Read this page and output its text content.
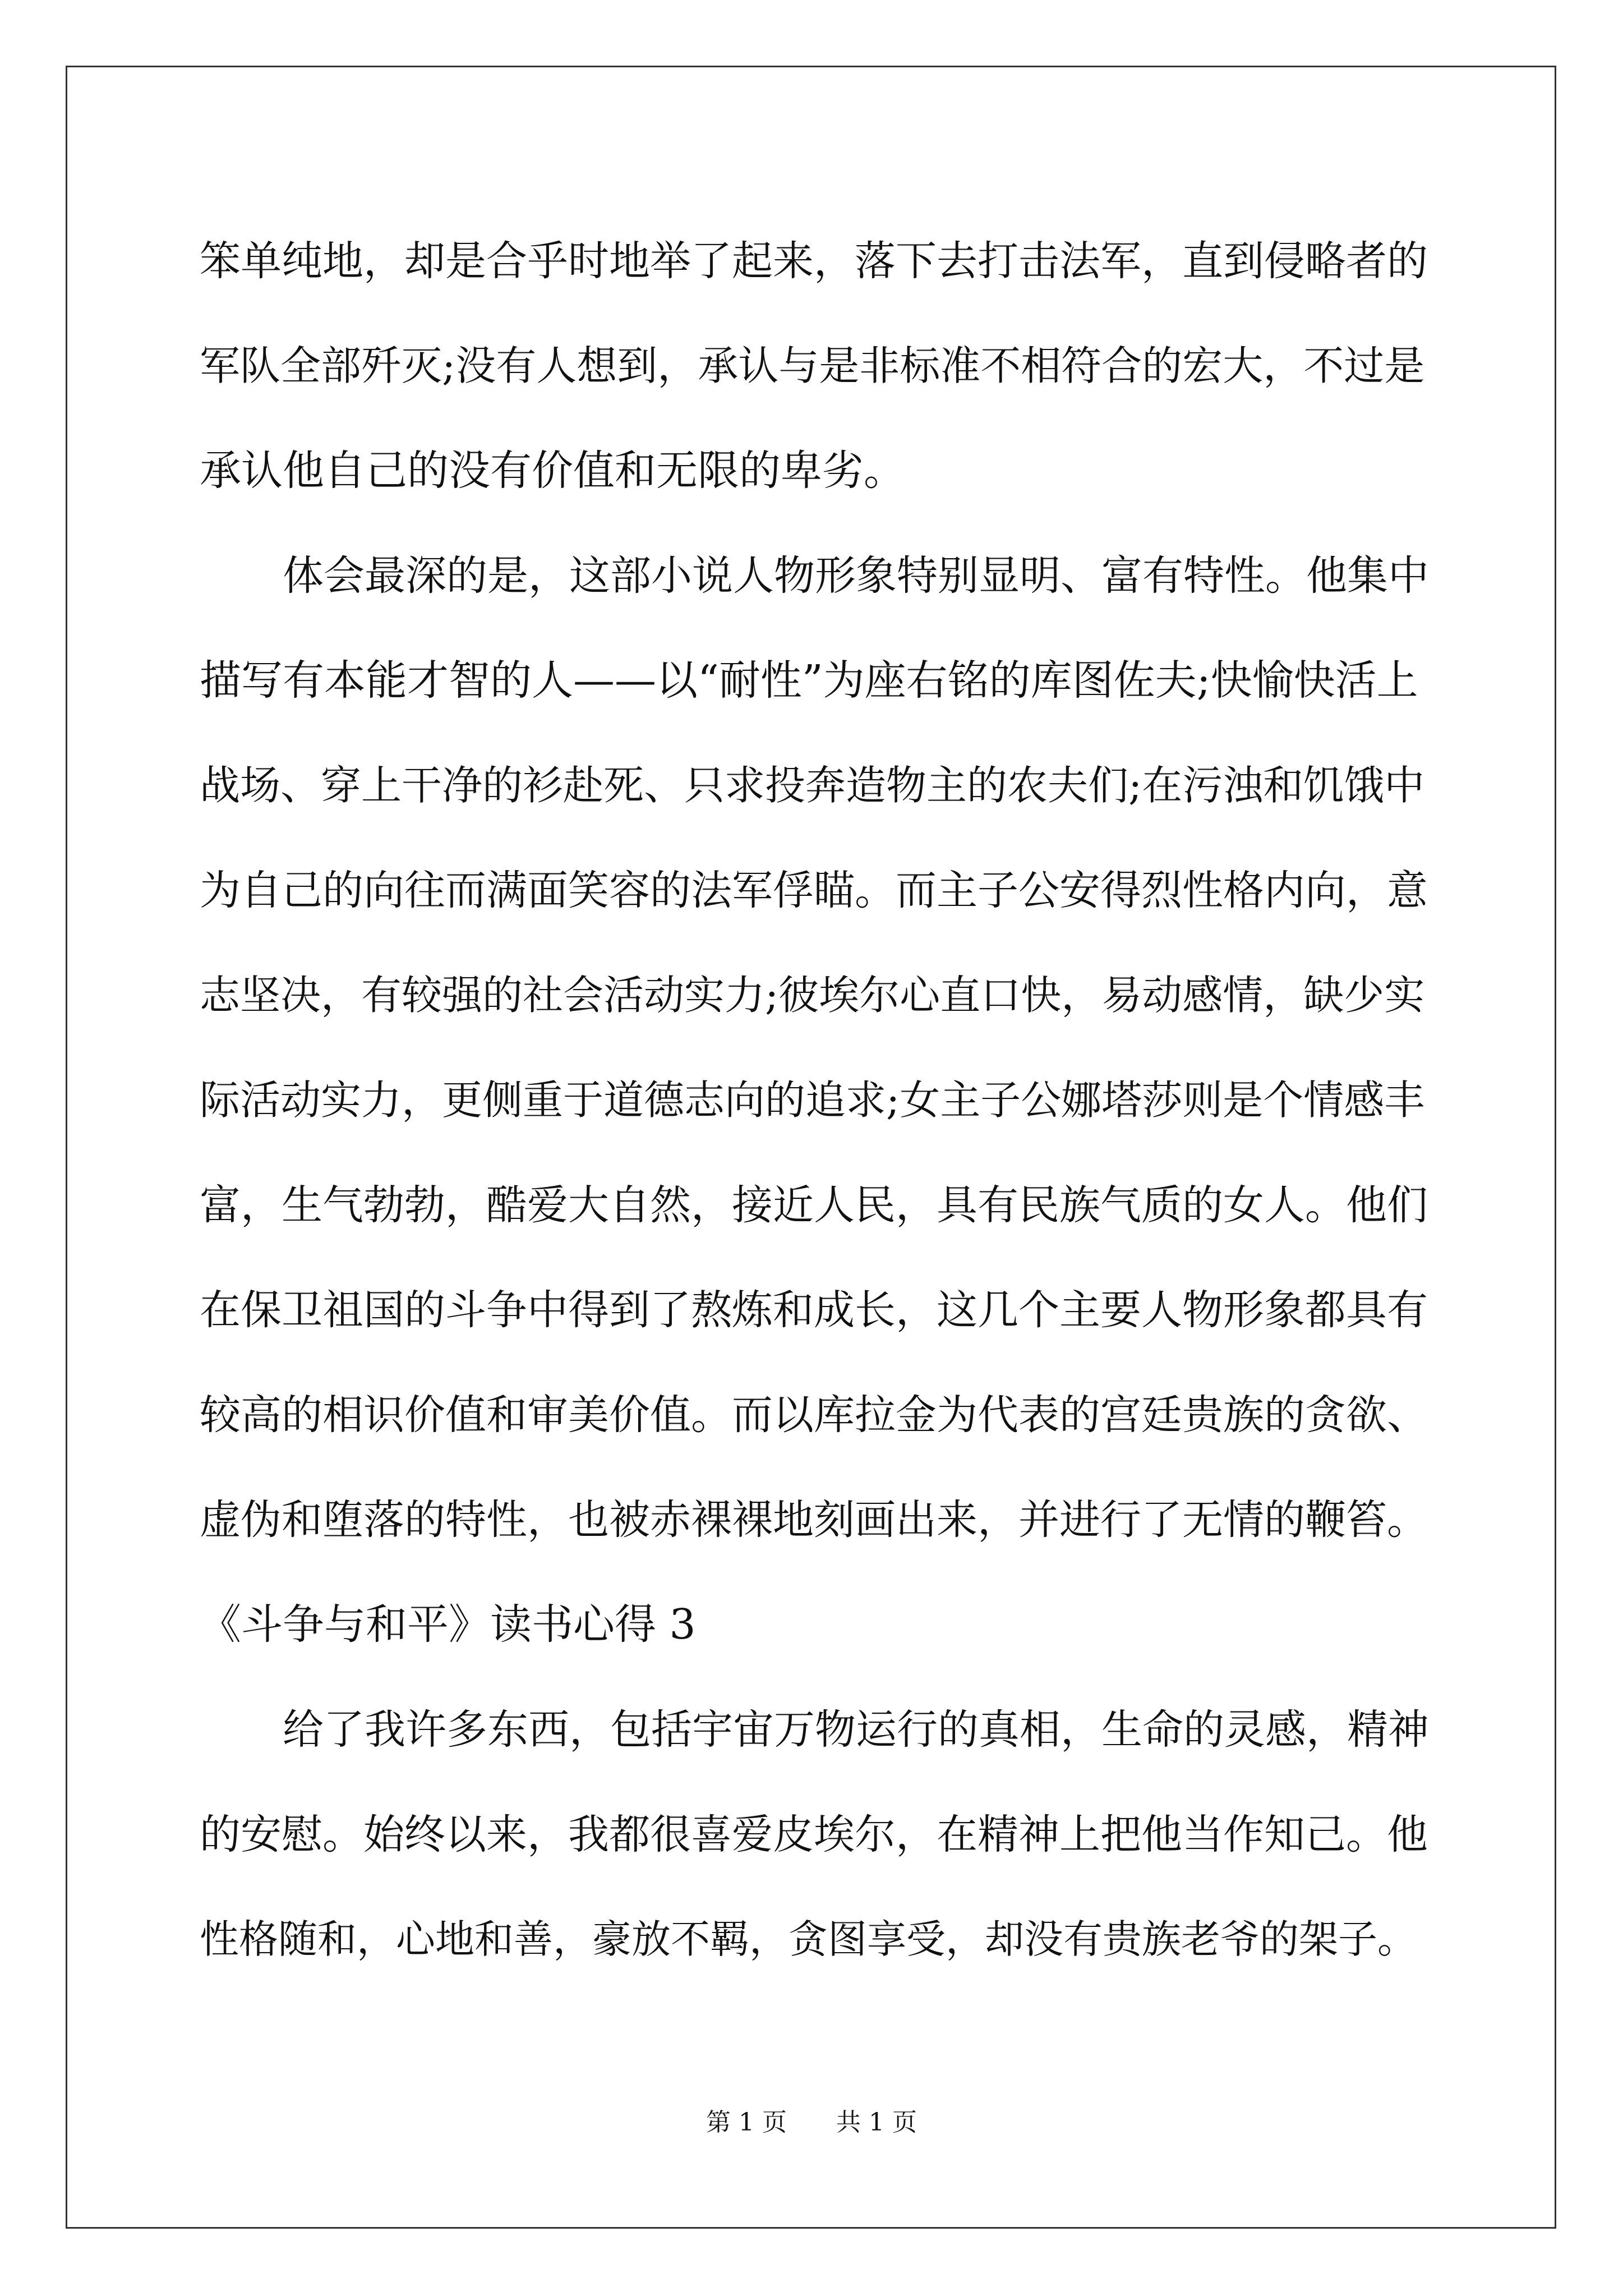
笨单纯地，却是合乎时地举了起来，落下去打击法军，直到侵略者的
军队全部歼灭;没有人想到，承认与是非标准不相符合的宏大，不过是
承认他自己的没有价值和无限的卑劣。
体会最深的是，这部小说人物形象特别显明、富有特性。他集中
描写有本能才智的人——以“耐性”为座右铭的库图佐夫;快愉快活上
战场、穿上干净的衫赴死、只求投奔造物主的农夫们;在污浊和饥饿中
为自己的向往而满面笑容的法军俘瞄。而主子公安得烈性格内向，意
志坚决，有较强的社会活动实力;彼埃尔心直口快，易动感情，缺少实
际活动实力，更侧重于道德志向的追求;女主子公娜塔莎则是个情感丰
富，生气勃勃，酷爱大自然，接近人民，具有民族气质的女人。他们
在保卫祖国的斗争中得到了熬炼和成长，这几个主要人物形象都具有
较高的相识价值和审美价值。而以库拉金为代表的宫廷贵族的贪欲、
虚伪和堕落的特性，也被赤裸裸地刻画出来，并进行了无情的鞭笞。
《斗争与和平》读书心得 3
给了我许多东西，包括宇宙万物运行的真相，生命的灵感，精神
的安慰。始终以来，我都很喜爱皮埃尔，在精神上把他当作知己。他
性格随和，心地和善，豪放不羁，贪图享受，却没有贵族老爷的架子。
第 1 页 共 1 页
